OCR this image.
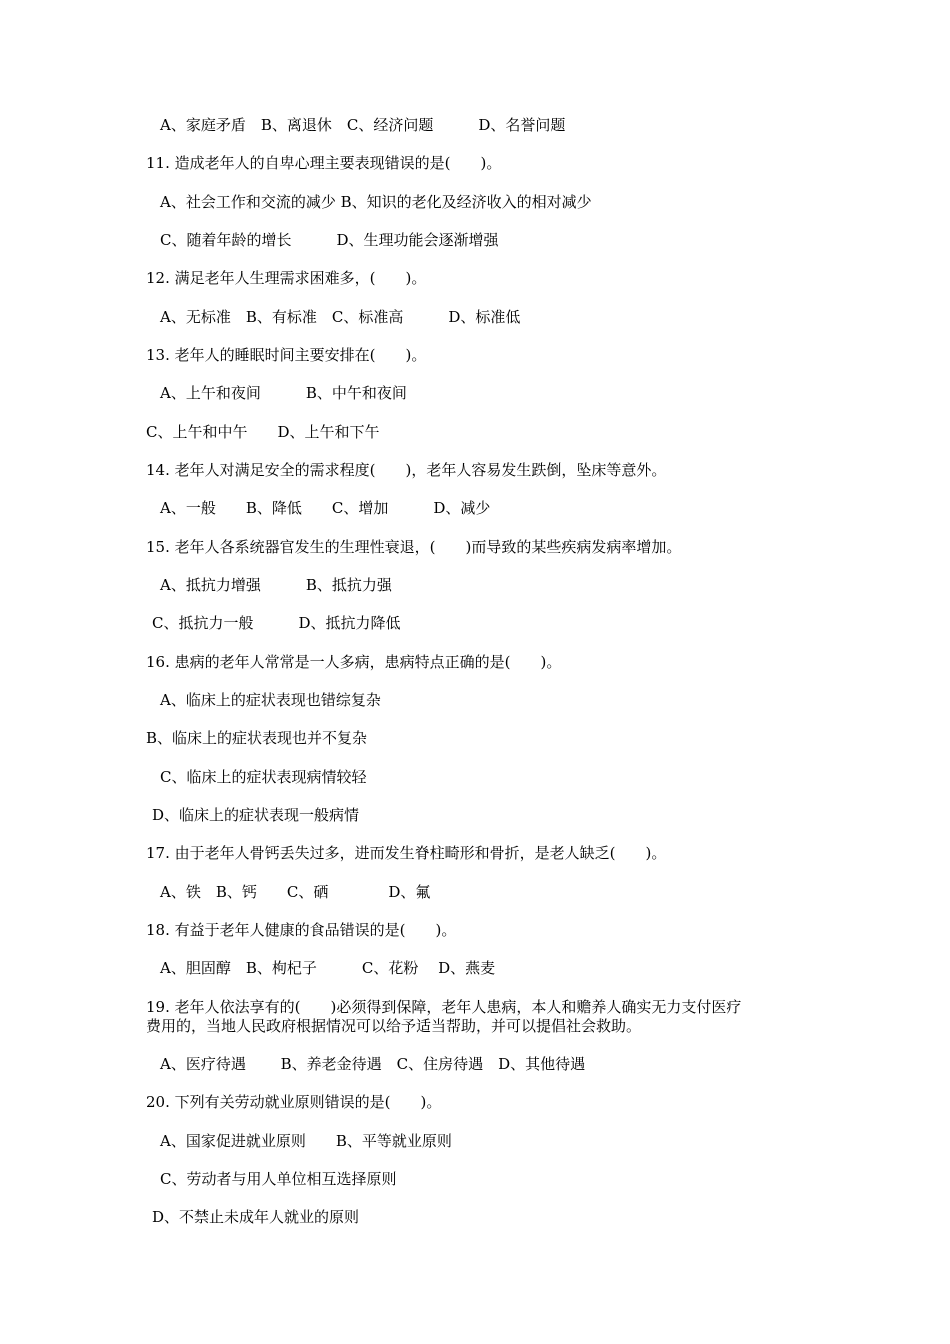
A、家庭矛盾　B、离退休　C、经济问题　　　D、名誉问题
11. 造成老年人的自卑心理主要表现错误的是(　　)。
A、社会工作和交流的减少 B、知识的老化及经济收入的相对减少
C、随着年龄的增长　　　D、生理功能会逐渐增强
12. 满足老年人生理需求困难多，(　　)。
A、无标准　B、有标准　C、标准高　　　D、标准低
13. 老年人的睡眠时间主要安排在(　　)。
A、上午和夜间　　　B、中午和夜间
C、上午和中午　　D、上午和下午
14. 老年人对满足安全的需求程度(　　)，老年人容易发生跌倒，坠床等意外。
A、一般　　B、降低　　C、增加　　　D、减少
15. 老年人各系统器官发生的生理性衰退，(　　)而导致的某些疾病发病率增加。
A、抵抗力增强　　　B、抵抗力强
C、抵抗力一般　　　D、抵抗力降低
16. 患病的老年人常常是一人多病，患病特点正确的是(　　)。
A、临床上的症状表现也错综复杂
B、临床上的症状表现也并不复杂
C、临床上的症状表现病情较轻
D、临床上的症状表现一般病情
17. 由于老年人骨钙丢失过多，进而发生脊柱畸形和骨折，是老人缺乏(　　)。
A、铁　B、钙　　C、硒　　　　D、氟
18. 有益于老年人健康的食品错误的是(　　)。
A、胆固醇　B、枸杞子　　　C、花粉　 D、燕麦
19. 老年人依法享有的(　　)必须得到保障，老年人患病，本人和赡养人确实无力支付医疗
费用的，当地人民政府根据情况可以给予适当帮助，并可以提倡社会救助。
A、医疗待遇　　 B、养老金待遇　C、住房待遇　D、其他待遇
20. 下列有关劳动就业原则错误的是(　　)。
A、国家促进就业原则　　B、平等就业原则
C、劳动者与用人单位相互选择原则
D、不禁止未成年人就业的原则
